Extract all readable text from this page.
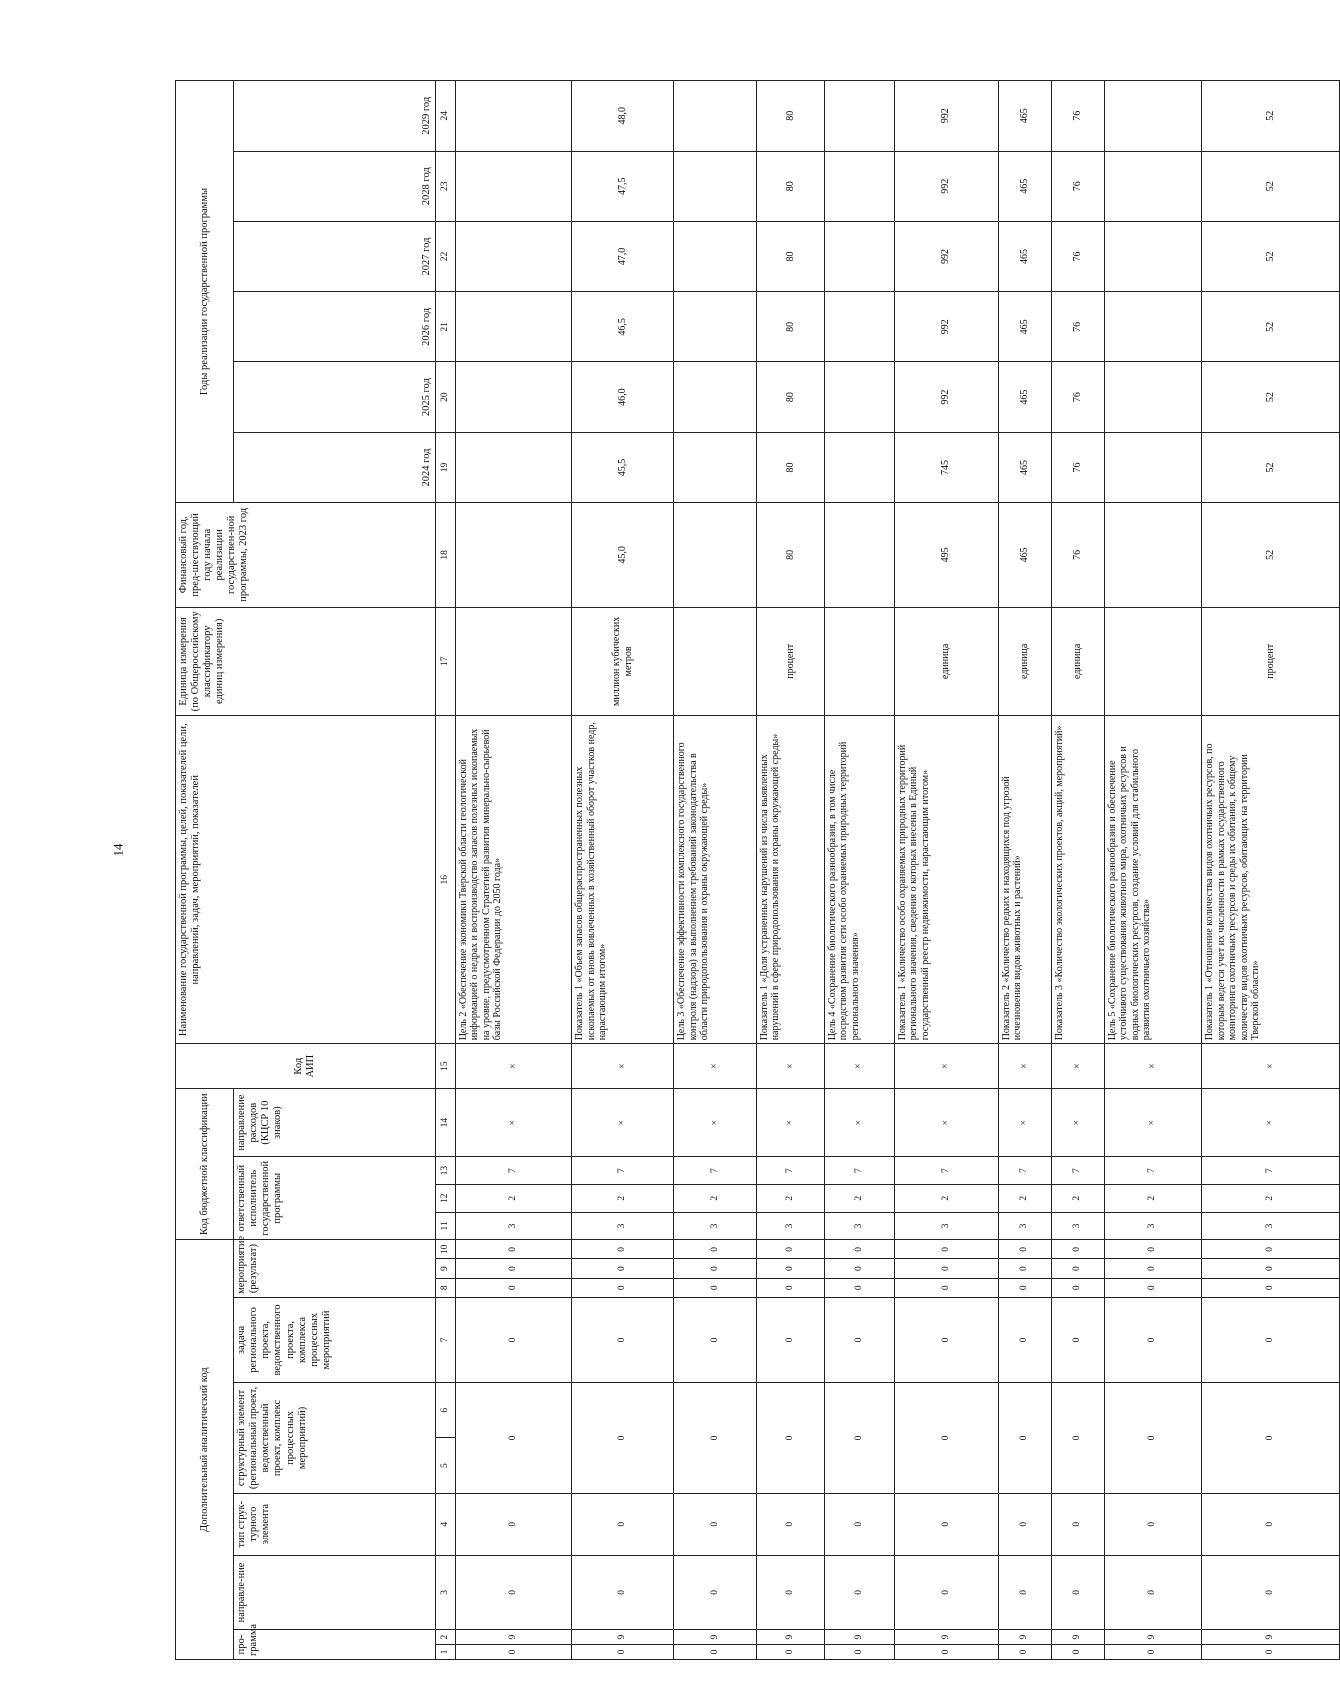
14
Дополнительный аналитический код										Код бюджетной классификации				Код АИП	Наименование государственной программы, целей, показателей цели, направлений, задач, мероприятий, показателей	Единица измерения (по Общероссийскому классификатору единиц измерения)	Финансовый год, пред-шествующий году начала реализации государствен-ной программы, 2023 год	Годы реализации государственной программы					
про-грамма		направле-ние	тип струк-турного элемента	структурный элемент (региональный проект, ведомственный проект, комплекс процессных мероприятий)		задача регионального проекта, ведомственного проекта, комплекса процессных мероприятий	мероприятие (результат)			ответственный исполнитель государственной программы			направление расходов (КЦСР 10 знаков)					2024 год	2025 год	2026 год	2027 год	2028 год	2029 год
1	2	3	4	5	6	7	8	9	10	11	12	13	14	15	16	17	18	19	20	21	22	23	24
0	9	0	0	0		0	0	0	0	3	2	7	×	×	Цель 2 «Обеспечение экономики Тверской области геологической информацией о недрах и воспроизводство запасов полезных ископаемых на уровне, предусмотренном Стратегией развития минерально-сырьевой базы Российской Федерации до 2050 года»								
0	9	0	0	0		0	0	0	0	3	2	7	×	×	Показатель 1 «Объем запасов общераспространенных полезных ископаемых от вновь вовлеченных в хозяйственный оборот участков недр, нарастающим итогом»	миллион кубических метров	45,0	45,5	46,0	46,5	47,0	47,5	48,0
0	9	0	0	0		0	0	0	0	3	2	7	×	×	Цель 3 «Обеспечение эффективности комплексного государственного контроля (надзора) за выполнением требований законодательства в области природопользования и охраны окружающей среды»								
0	9	0	0	0		0	0	0	0	3	2	7	×	×	Показатель 1 «Доля устраненных нарушений из числа выявленных нарушений в сфере природопользования и охраны окружающей среды»	процент	80	80	80	80	80	80	80
0	9	0	0	0		0	0	0	0	3	2	7	×	×	Цель 4 «Сохранение биологического разнообразия, в том числе посредством развития сети особо охраняемых природных территорий регионального значения»								
0	9	0	0	0		0	0	0	0	3	2	7	×	×	Показатель 1 «Количество особо охраняемых природных территорий регионального значения, сведения о которых внесены в Единый государственный реестр недвижимости, нарастающим итогом»	единица	495	745	992	992	992	992	992
0	9	0	0	0		0	0	0	0	3	2	7	×	×	Показатель 2 «Количество редких и находящихся под угрозой исчезновения видов животных и растений»	единица	465	465	465	465	465	465	465
0	9	0	0	0		0	0	0	0	3	2	7	×	×	Показатель 3 «Количество экологических проектов, акций, мероприятий»	единица	76	76	76	76	76	76	76
0	9	0	0	0		0	0	0	0	3	2	7	×	×	Цель 5 «Сохранение биологического разнообразия и обеспечение устойчивого существования животного мира, охотничьих ресурсов и водных биологических ресурсов, создание условий для стабильного развития охотничьего хозяйства»								
0	9	0	0	0		0	0	0	0	3	2	7	×	×	Показатель 1 «Отношение количества видов охотничьих ресурсов, по которым ведется учет их численности в рамках государственного мониторинга охотничьих ресурсов и среды их обитания, к общему количеству видов охотничьих ресурсов, обитающих на территории Тверской области»	процент	52	52	52	52	52	52	52
